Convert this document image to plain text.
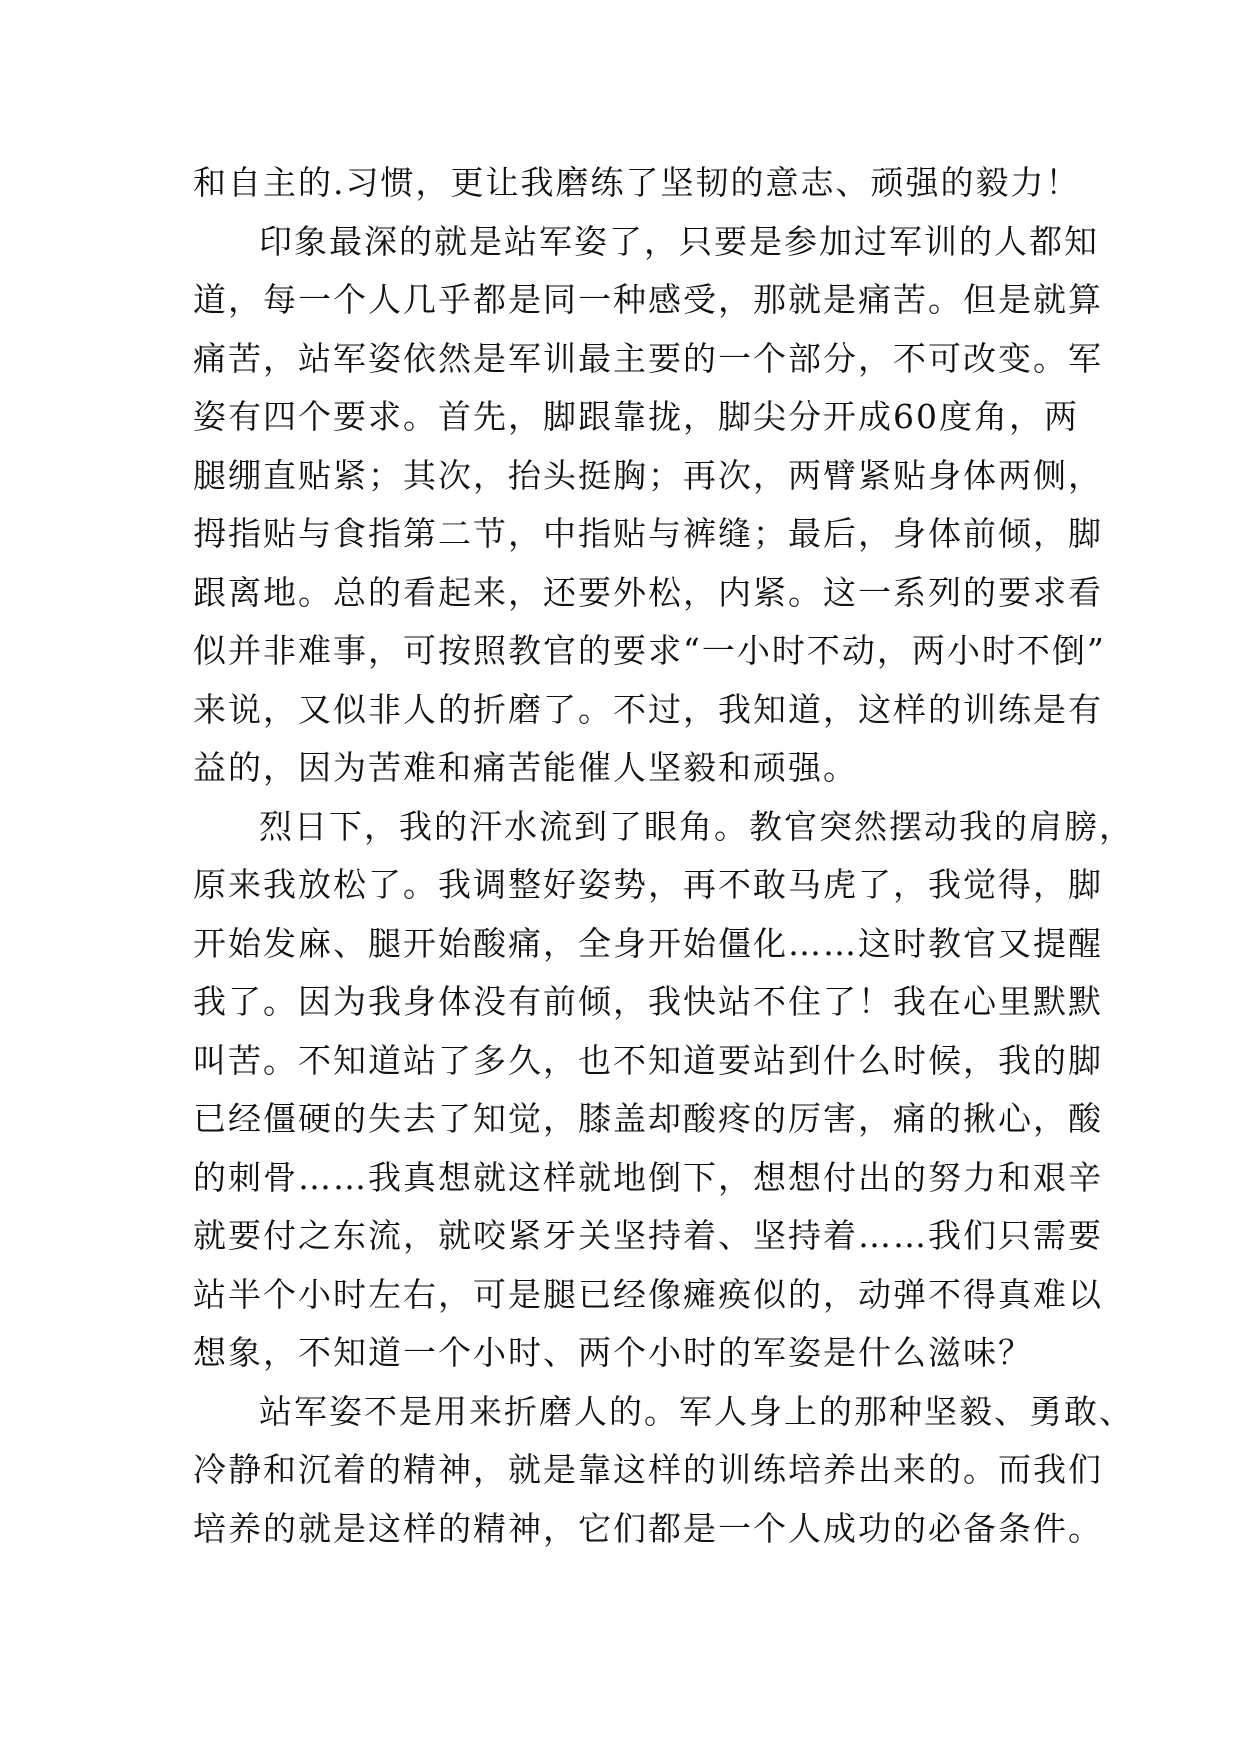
和自主的.习惯，更让我磨练了坚韧的意志、顽强的毅力！

印象最深的就是站军姿了，只要是参加过军训的人都知

道，每一个人几乎都是同一种感受，那就是痛苦。但是就算

痛苦，站军姿依然是军训最主要的一个部分，不可改变。军

姿有四个要求。首先，脚跟靠拢，脚尖分开成60度角，两

腿绷直贴紧；其次，抬头挺胸；再次，两臂紧贴身体两侧，

拇指贴与食指第二节，中指贴与裤缝；最后，身体前倾，脚

跟离地。总的看起来，还要外松，内紧。这一系列的要求看

似并非难事，可按照教官的要求“一小时不动，两小时不倒”

来说，又似非人的折磨了。不过，我知道，这样的训练是有

益的，因为苦难和痛苦能催人坚毅和顽强。

烈日下，我的汗水流到了眼角。教官突然摆动我的肩膀，

原来我放松了。我调整好姿势，再不敢马虎了，我觉得，脚

开始发麻、腿开始酸痛，全身开始僵化……这时教官又提醒

我了。因为我身体没有前倾，我快站不住了！我在心里默默

叫苦。不知道站了多久，也不知道要站到什么时候，我的脚

已经僵硬的失去了知觉，膝盖却酸疼的厉害，痛的揪心，酸

的刺骨……我真想就这样就地倒下，想想付出的努力和艰辛

就要付之东流，就咬紧牙关坚持着、坚持着……我们只需要

站半个小时左右，可是腿已经像瘫痪似的，动弹不得真难以

想象，不知道一个小时、两个小时的军姿是什么滋味？

站军姿不是用来折磨人的。军人身上的那种坚毅、勇敢、

冷静和沉着的精神，就是靠这样的训练培养出来的。而我们

培养的就是这样的精神，它们都是一个人成功的必备条件。
